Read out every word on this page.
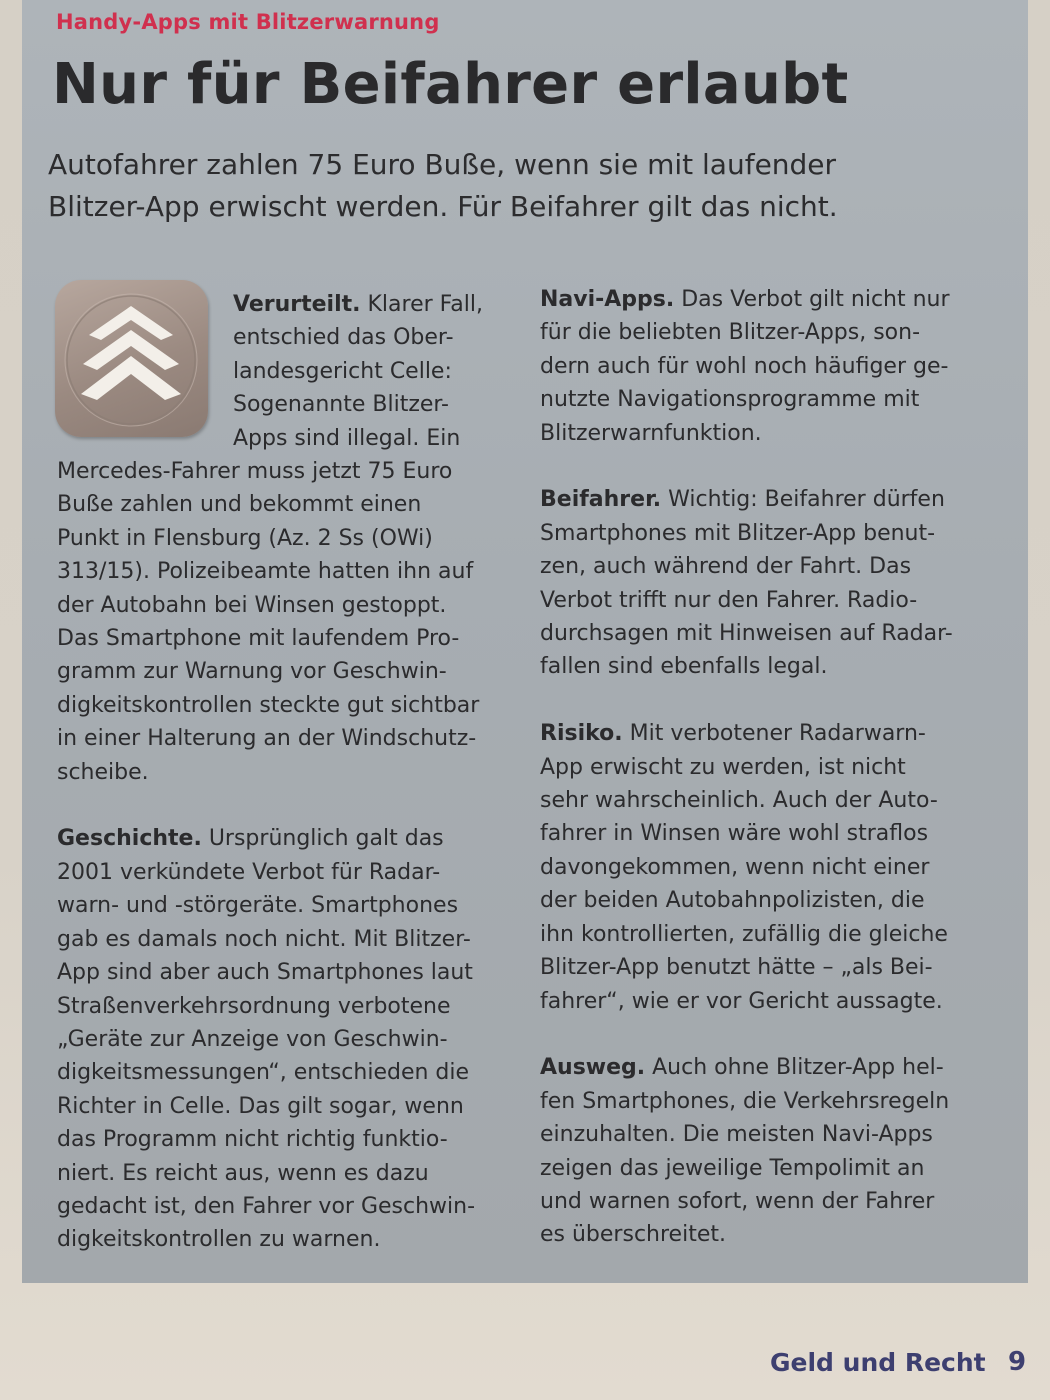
Handy-Apps mit Blitzerwarnung
Nur für Beifahrer erlaubt
Autofahrer zahlen 75 Euro Buße, wenn sie mit laufender
Blitzer-App erwischt werden. Für Beifahrer gilt das nicht.
Verurteilt. Klarer Fall,
entschied das Ober-
landesgericht Celle:
Sogenannte Blitzer-
Apps sind illegal. Ein
Mercedes-Fahrer muss jetzt 75 Euro
Buße zahlen und bekommt einen
Punkt in Flensburg (Az. 2 Ss (OWi)
313/15). Polizeibeamte hatten ihn auf
der Autobahn bei Winsen gestoppt.
Das Smartphone mit laufendem Pro-
gramm zur Warnung vor Geschwin-
digkeitskontrollen steckte gut sichtbar
in einer Halterung an der Windschutz-
scheibe.
Geschichte. Ursprünglich galt das
2001 verkündete Verbot für Radar-
warn- und -störgeräte. Smartphones
gab es damals noch nicht. Mit Blitzer-
App sind aber auch Smartphones laut
Straßenverkehrsordnung verbotene
„Geräte zur Anzeige von Geschwin-
digkeitsmessungen“, entschieden die
Richter in Celle. Das gilt sogar, wenn
das Programm nicht richtig funktio-
niert. Es reicht aus, wenn es dazu
gedacht ist, den Fahrer vor Geschwin-
digkeitskontrollen zu warnen.
Navi-Apps. Das Verbot gilt nicht nur
für die beliebten Blitzer-Apps, son-
dern auch für wohl noch häufiger ge-
nutzte Navigationsprogramme mit
Blitzerwarnfunktion.
Beifahrer. Wichtig: Beifahrer dürfen
Smartphones mit Blitzer-App benut-
zen, auch während der Fahrt. Das
Verbot trifft nur den Fahrer. Radio-
durchsagen mit Hinweisen auf Radar-
fallen sind ebenfalls legal.
Risiko. Mit verbotener Radarwarn-
App erwischt zu werden, ist nicht
sehr wahrscheinlich. Auch der Auto-
fahrer in Winsen wäre wohl straflos
davongekommen, wenn nicht einer
der beiden Autobahnpolizisten, die
ihn kontrollierten, zufällig die gleiche
Blitzer-App benutzt hätte – „als Bei-
fahrer“, wie er vor Gericht aussagte.
Ausweg. Auch ohne Blitzer-App hel-
fen Smartphones, die Verkehrsregeln
einzuhalten. Die meisten Navi-Apps
zeigen das jeweilige Tempolimit an
und warnen sofort, wenn der Fahrer
es überschreitet.
Geld und Recht 9
